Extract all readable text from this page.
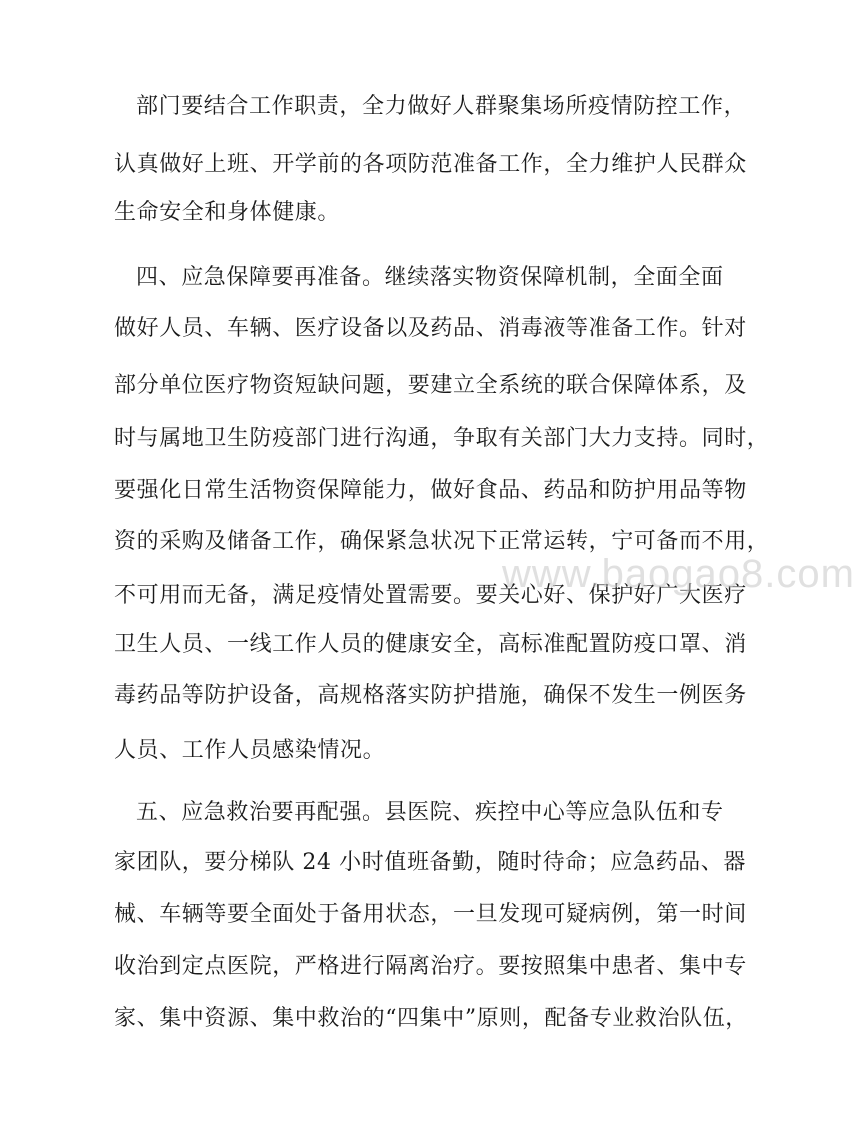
部门要结合工作职责，全力做好人群聚集场所疫情防控工作，
认真做好上班、开学前的各项防范准备工作，全力维护人民群众
生命安全和身体健康。
四、应急保障要再准备。继续落实物资保障机制，全面全面
做好人员、车辆、医疗设备以及药品、消毒液等准备工作。针对
部分单位医疗物资短缺问题，要建立全系统的联合保障体系，及
时与属地卫生防疫部门进行沟通，争取有关部门大力支持。同时，
要强化日常生活物资保障能力，做好食品、药品和防护用品等物
资的采购及储备工作，确保紧急状况下正常运转，宁可备而不用，
不可用而无备，满足疫情处置需要。要关心好、保护好广大医疗
卫生人员、一线工作人员的健康安全，高标准配置防疫口罩、消
毒药品等防护设备，高规格落实防护措施，确保不发生一例医务
人员、工作人员感染情况。
五、应急救治要再配强。县医院、疾控中心等应急队伍和专
家团队，要分梯队 24 小时值班备勤，随时待命；应急药品、器
械、车辆等要全面处于备用状态，一旦发现可疑病例，第一时间
收治到定点医院，严格进行隔离治疗。要按照集中患者、集中专
家、集中资源、集中救治的“四集中”原则，配备专业救治队伍，
www.baogao8.com
